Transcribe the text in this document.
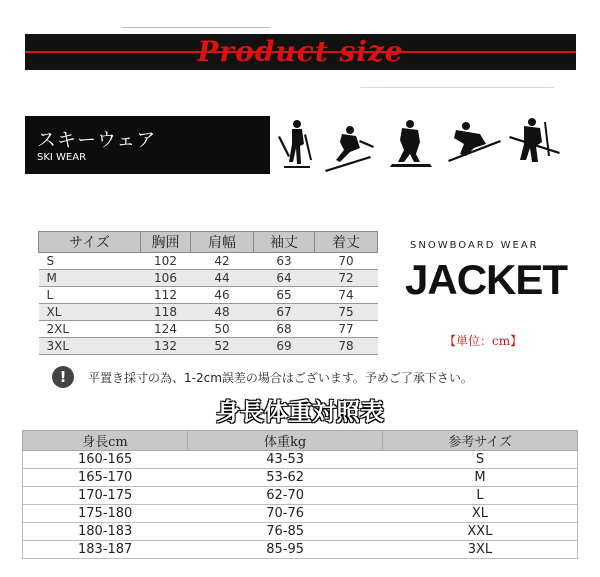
Product size
スキーウェア
SKI WEAR
サイズ	胸囲	肩幅	袖丈	着丈
S	102	42	63	70
M	106	44	64	72
L	112	46	65	74
XL	118	48	67	75
2XL	124	50	68	77
3XL	132	52	69	78
SNOWBOARD WEAR
JACKET
【単位：cm】
!	平置き採寸の為、1-2cm誤差の場合はございます。予めご了承下さい。
身長体重対照表
身長cm	体重kg	参考サイズ
160-165	43-53	S
165-170	53-62	M
170-175	62-70	L
175-180	70-76	XL
180-183	76-85	XXL
183-187	85-95	3XL
